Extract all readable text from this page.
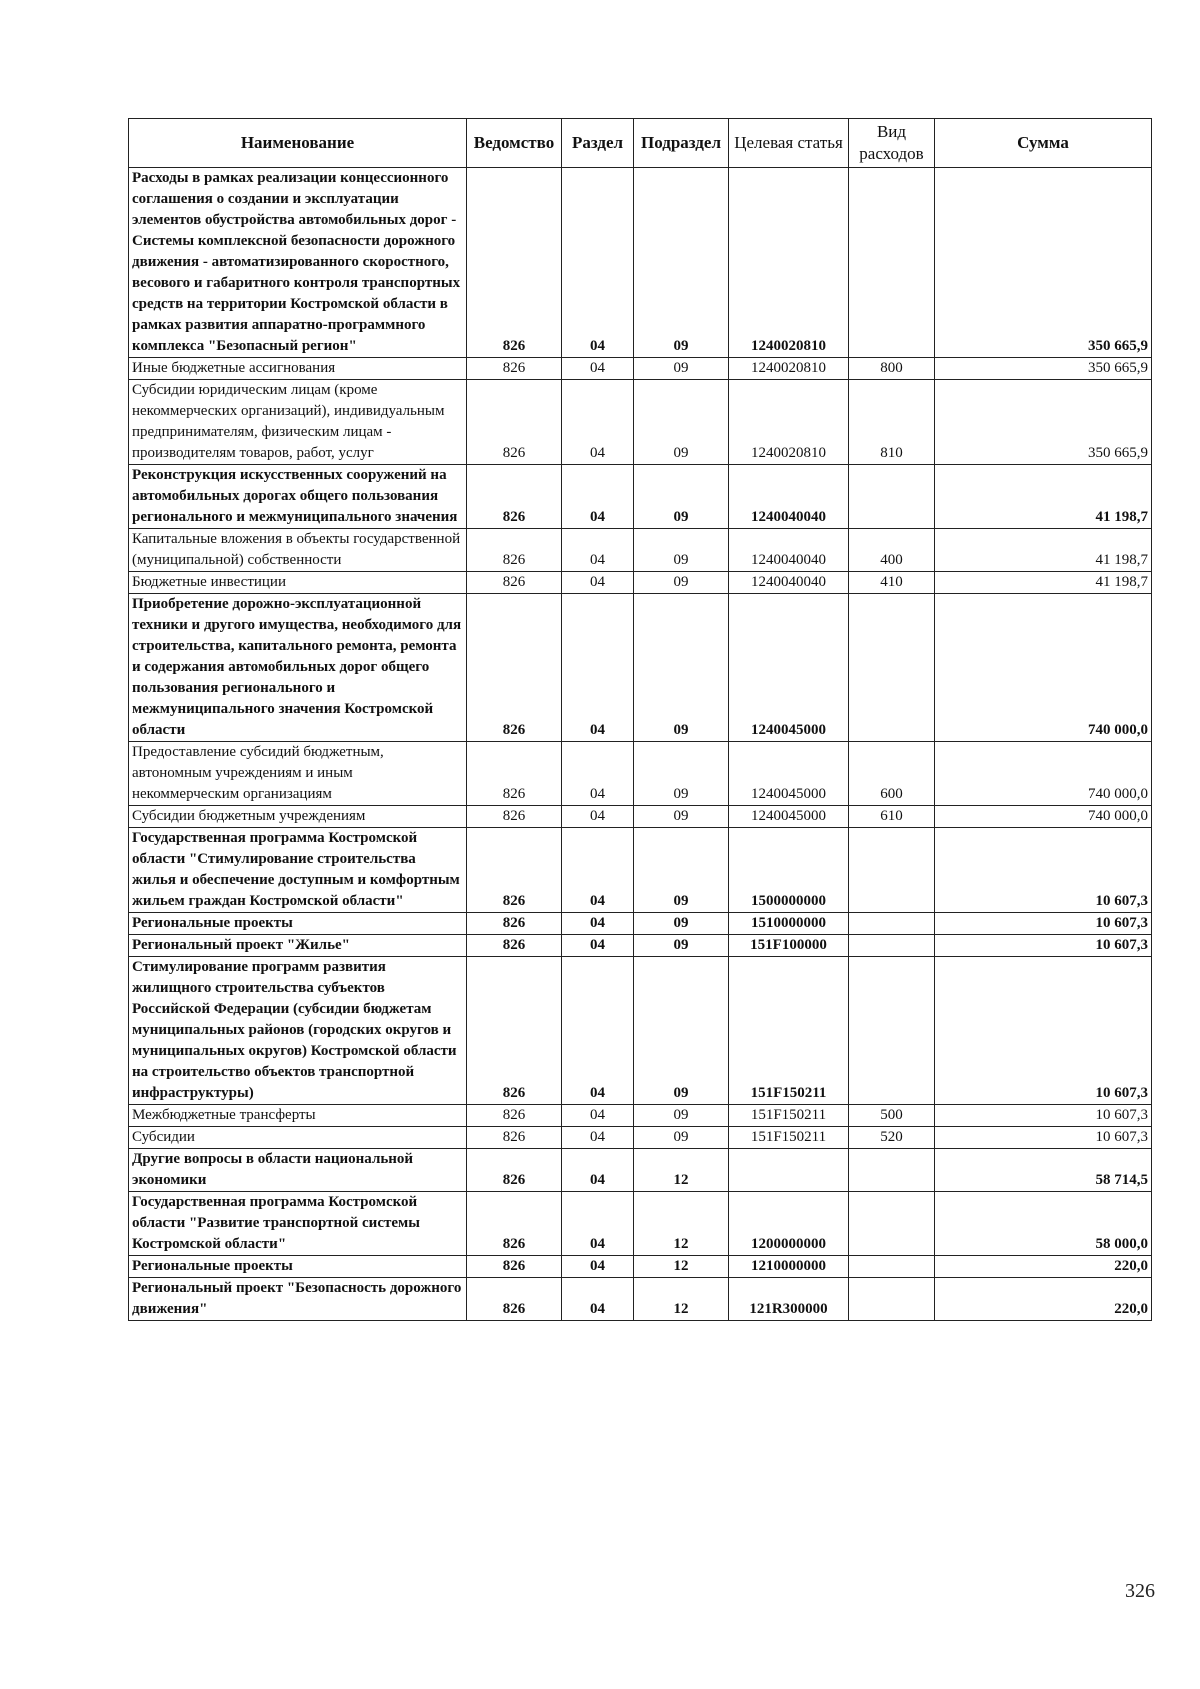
Наименование	Ведомство	Раздел	Подраздел	Целевая статья	Вид расходов	Сумма
Расходы в рамках реализации концессионного соглашения о создании и эксплуатации элементов обустройства автомобильных дорог - Системы комплексной безопасности дорожного движения - автоматизированного скоростного, весового и габаритного контроля транспортных средств на территории Костромской области в рамках развития аппаратно-программного комплекса "Безопасный регион"	826	04	09	1240020810		350 665,9
Иные бюджетные ассигнования	826	04	09	1240020810	800	350 665,9
Субсидии юридическим лицам (кроме некоммерческих организаций), индивидуальным предпринимателям, физическим лицам - производителям товаров, работ, услуг	826	04	09	1240020810	810	350 665,9
Реконструкция искусственных сооружений на автомобильных дорогах общего пользования регионального и межмуниципального значения	826	04	09	1240040040		41 198,7
Капитальные вложения в объекты государственной (муниципальной) собственности	826	04	09	1240040040	400	41 198,7
Бюджетные инвестиции	826	04	09	1240040040	410	41 198,7
Приобретение дорожно-эксплуатационной техники и другого имущества, необходимого для строительства, капитального ремонта, ремонта и содержания автомобильных дорог общего пользования регионального и межмуниципального значения Костромской области	826	04	09	1240045000		740 000,0
Предоставление субсидий бюджетным, автономным учреждениям и иным некоммерческим организациям	826	04	09	1240045000	600	740 000,0
Субсидии бюджетным учреждениям	826	04	09	1240045000	610	740 000,0
Государственная программа Костромской области "Стимулирование строительства жилья и обеспечение доступным и комфортным жильем граждан Костромской области"	826	04	09	1500000000		10 607,3
Региональные проекты	826	04	09	1510000000		10 607,3
Региональный проект "Жилье"	826	04	09	151F100000		10 607,3
Стимулирование программ развития жилищного строительства субъектов Российской Федерации (субсидии бюджетам муниципальных районов (городских округов и муниципальных округов) Костромской области на строительство объектов транспортной инфраструктуры)	826	04	09	151F150211		10 607,3
Межбюджетные трансферты	826	04	09	151F150211	500	10 607,3
Субсидии	826	04	09	151F150211	520	10 607,3
Другие вопросы в области национальной экономики	826	04	12			58 714,5
Государственная программа Костромской области "Развитие транспортной системы Костромской области"	826	04	12	1200000000		58 000,0
Региональные проекты	826	04	12	1210000000		220,0
Региональный проект "Безопасность дорожного движения"	826	04	12	121R300000		220,0
326
